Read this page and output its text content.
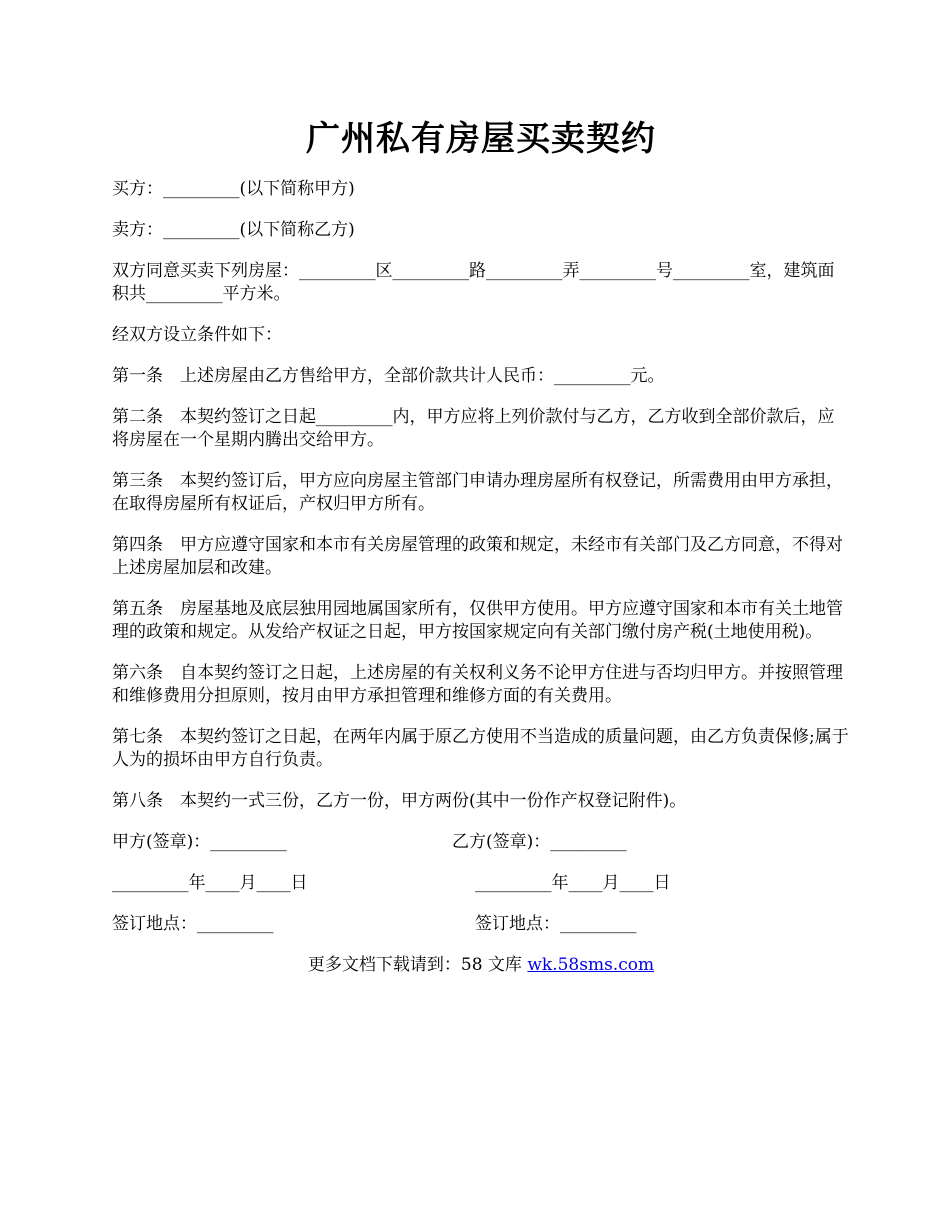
广州私有房屋买卖契约

买方：_________(以下简称甲方)

卖方：_________(以下简称乙方)

双方同意买卖下列房屋：_________区_________路_________弄_________号_________室，建筑面积共_________平方米。

经双方设立条件如下：

第一条　上述房屋由乙方售给甲方，全部价款共计人民币：_________元。

第二条　本契约签订之日起_________内，甲方应将上列价款付与乙方，乙方收到全部价款后，应将房屋在一个星期内腾出交给甲方。

第三条　本契约签订后，甲方应向房屋主管部门申请办理房屋所有权登记，所需费用由甲方承担，在取得房屋所有权证后，产权归甲方所有。

第四条　甲方应遵守国家和本市有关房屋管理的政策和规定，未经市有关部门及乙方同意，不得对上述房屋加层和改建。

第五条　房屋基地及底层独用园地属国家所有，仅供甲方使用。甲方应遵守国家和本市有关土地管理的政策和规定。从发给产权证之日起，甲方按国家规定向有关部门缴付房产税(土地使用税)。

第六条　自本契约签订之日起，上述房屋的有关权利义务不论甲方住进与否均归甲方。并按照管理和维修费用分担原则，按月由甲方承担管理和维修方面的有关费用。

第七条　本契约签订之日起，在两年内属于原乙方使用不当造成的质量问题，由乙方负责保修;属于人为的损坏由甲方自行负责。

第八条　本契约一式三份，乙方一份，甲方两份(其中一份作产权登记附件)。

甲方(签章)：_________	乙方(签章)：_________
_________年____月____日	_________年____月____日
签订地点：_________	签订地点：_________
更多文档下载请到：58 文库 wk.58sms.com
